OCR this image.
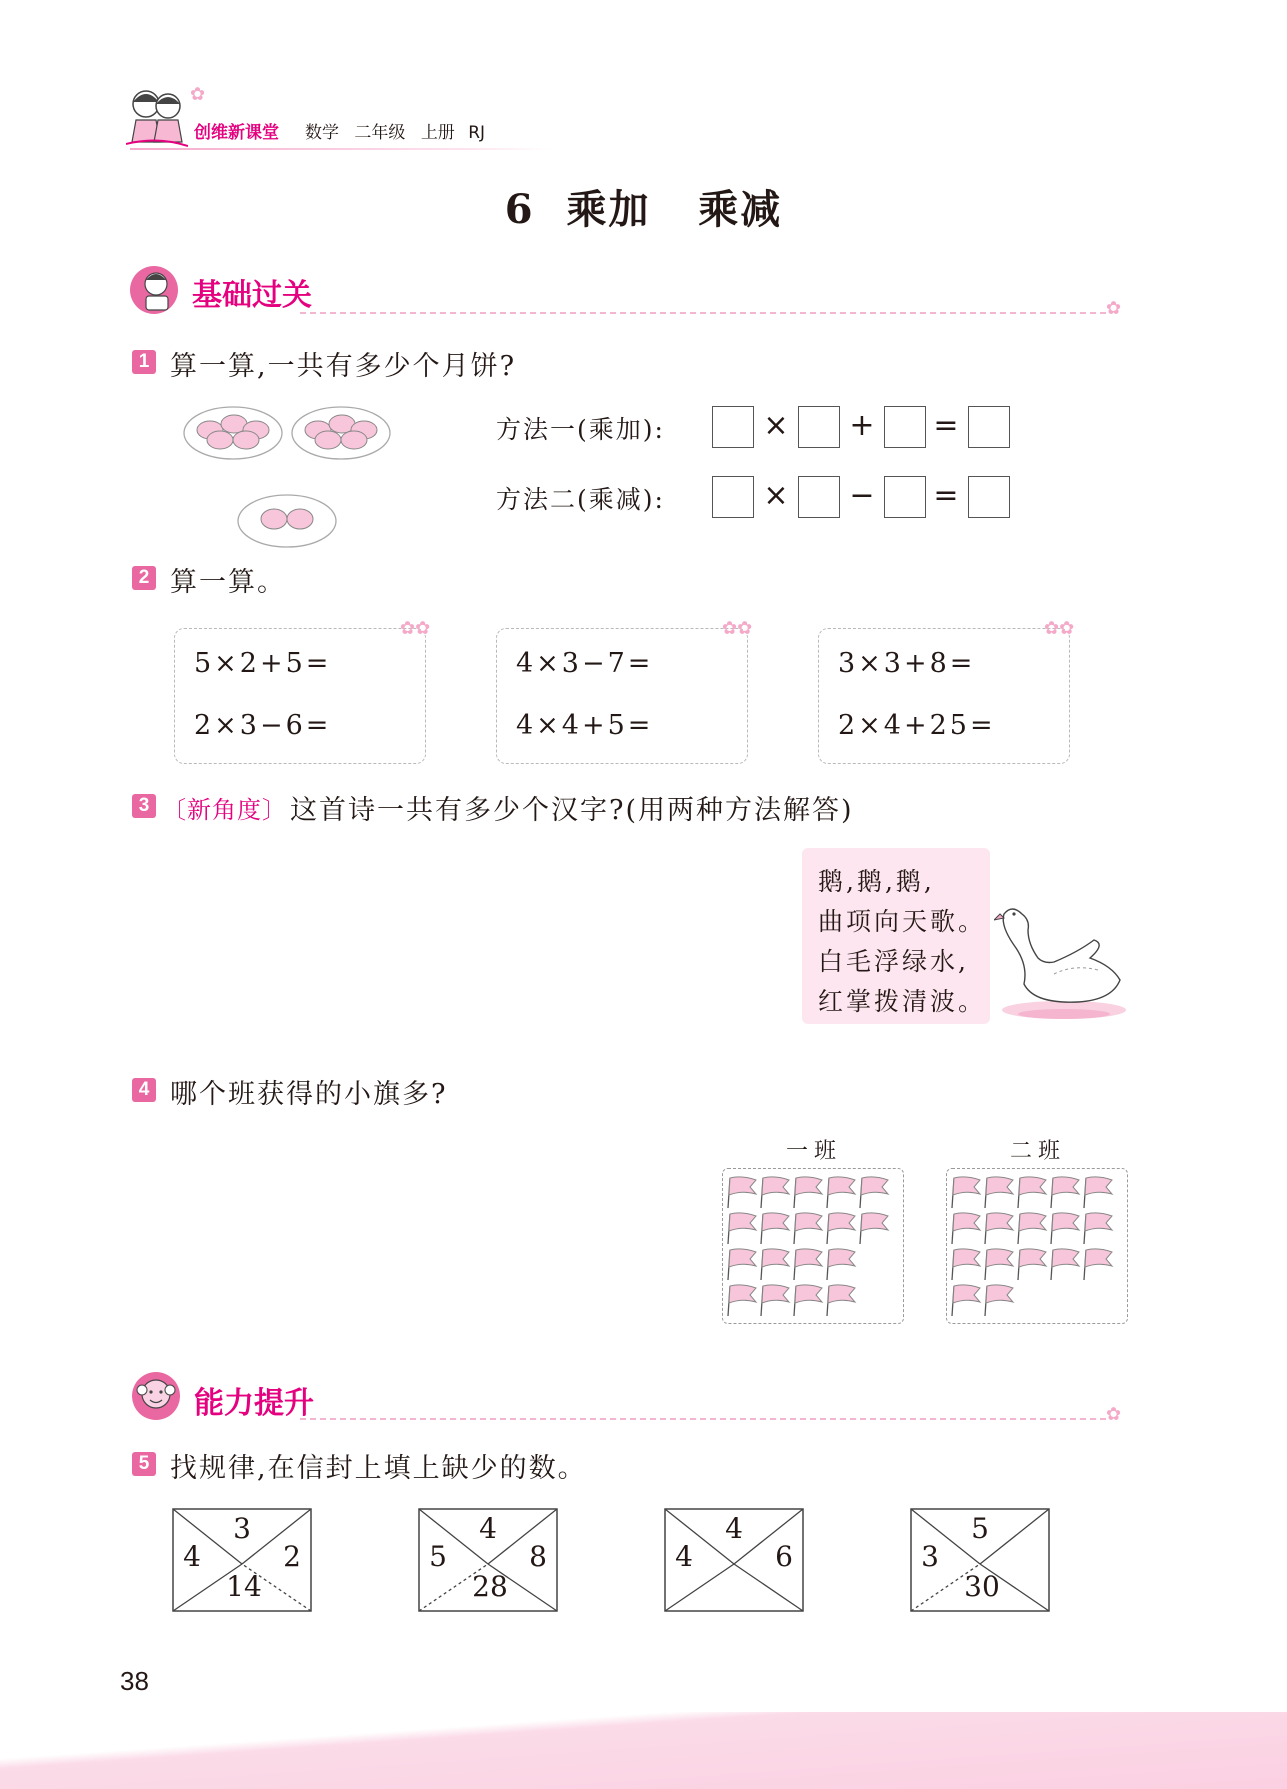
✿
创维新课堂 数学 二年级 上册 RJ
6  乘加   乘减
基础过关	✿
1 算一算,一共有多少个月饼?
方法一(乘加):	× + =
方法二(乘减):	× − =
2 算一算。
✿✿
5×2+5=
2×3−6=
✿✿
4×3−7=
4×4+5=
✿✿
3×3+8=
2×4+25=
3 〔新角度〕 这首诗一共有多少个汉字?(用两种方法解答)
鹅,鹅,鹅,
曲项向天歌。
白毛浮绿水,
红掌拨清波。
4 哪个班获得的小旗多?
一班	二班
能力提升	✿
5 找规律,在信封上填上缺少的数。
3
4	2
14
4
5	8
28
4
4	6
5
3
30
38
